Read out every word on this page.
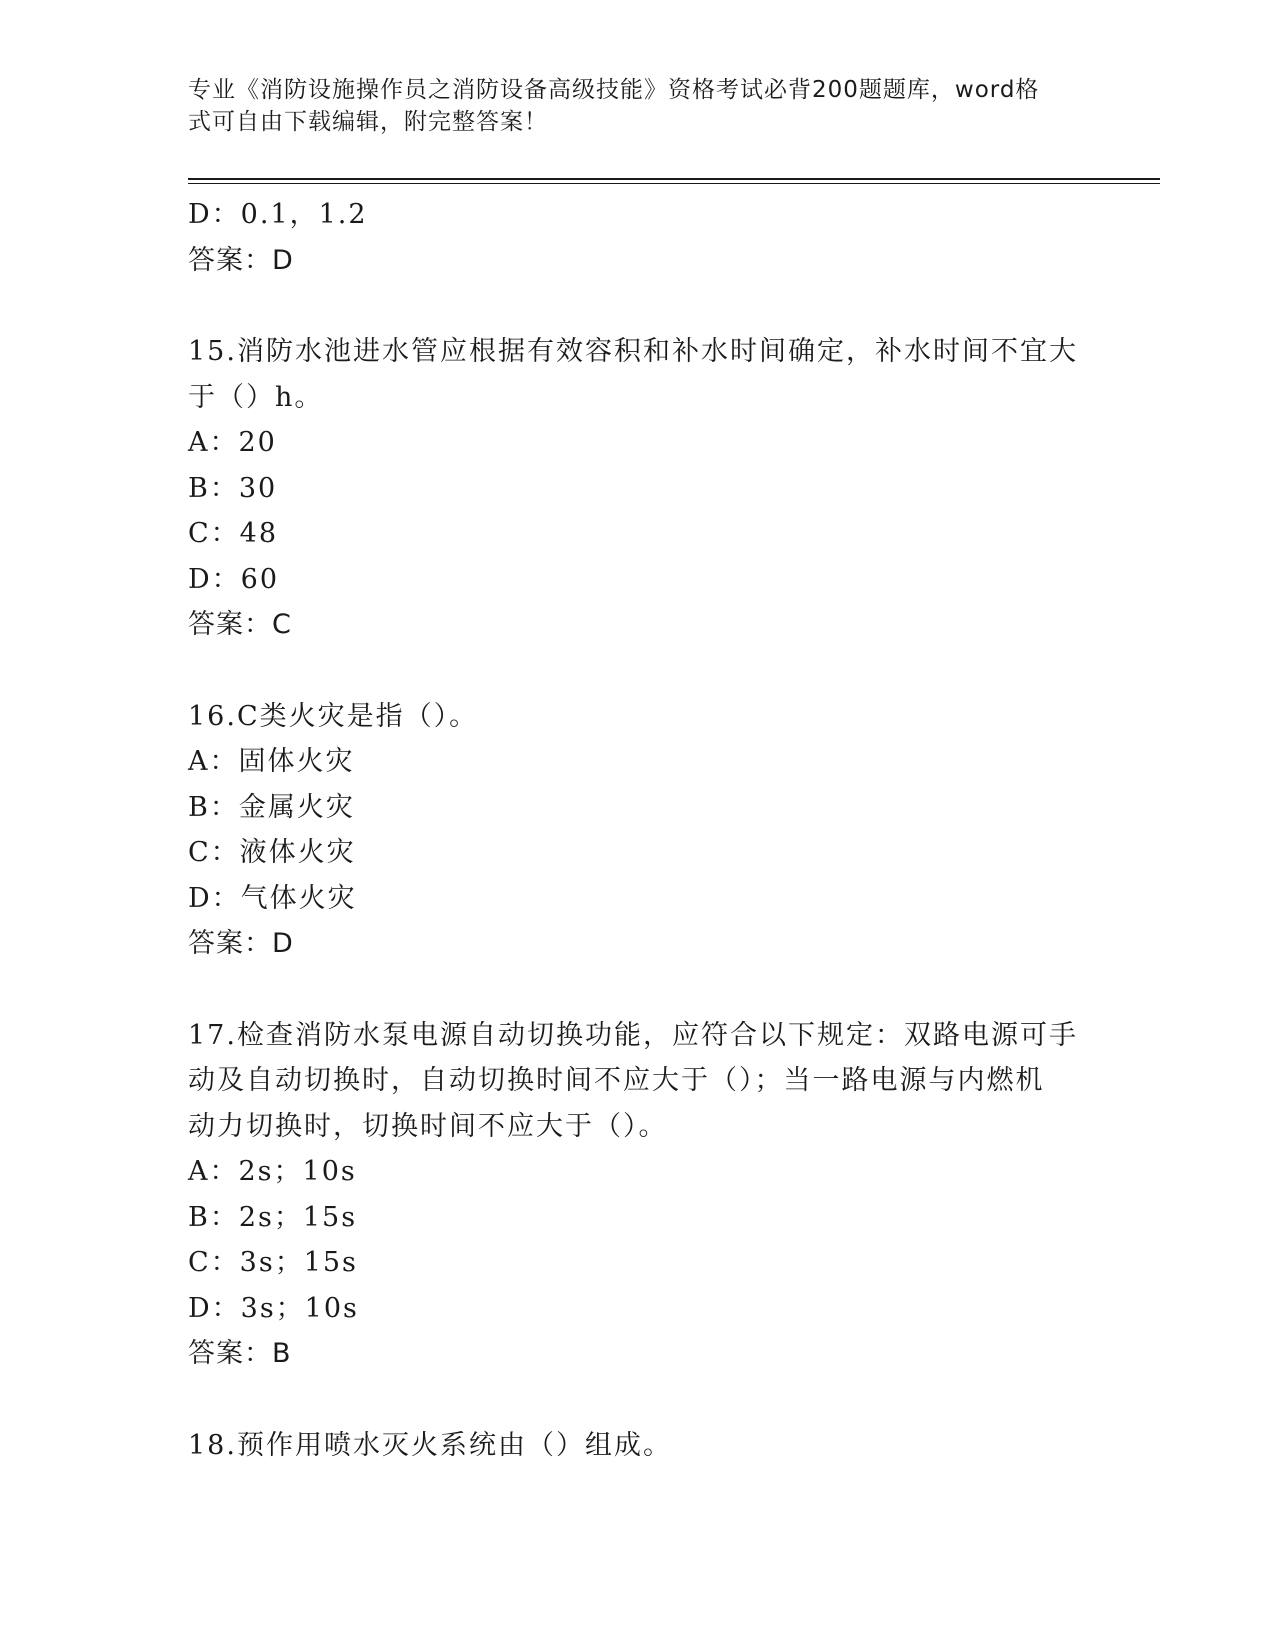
专业《消防设施操作员之消防设备高级技能》资格考试必背200题题库，word格
式可自由下载编辑，附完整答案！
D：0.1，1.2
答案：D
15.消防水池进水管应根据有效容积和补水时间确定，补水时间不宜大
于（）h。
A：20
B：30
C：48
D：60
答案：C
16.C类火灾是指（）。
A：固体火灾
B：金属火灾
C：液体火灾
D：气体火灾
答案：D
17.检查消防水泵电源自动切换功能，应符合以下规定：双路电源可手
动及自动切换时，自动切换时间不应大于（）；当一路电源与内燃机
动力切换时，切换时间不应大于（）。
A：2s；10s
B：2s；15s
C：3s；15s
D：3s；10s
答案：B
18.预作用喷水灭火系统由（）组成。
